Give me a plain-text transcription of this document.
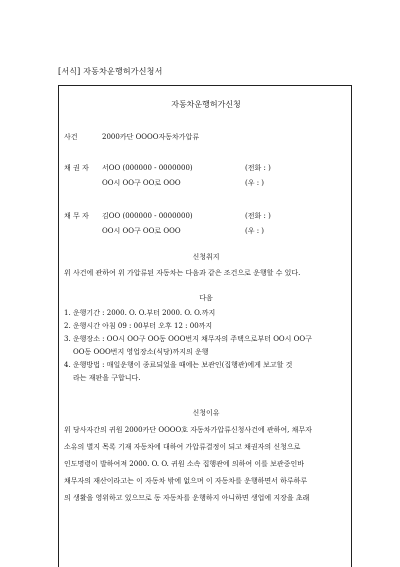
[서식] 자동차운행허가신청서
자동차운행허가신청
사건	2000카단 OOOO자동차가압류
채 권 자 서OO (000000 - 0000000)	(전화 : )
OO시 OO구 OO로 OOO	(우 : )
채 무 자 김OO (000000 - 0000000)	(전화 : )
OO시 OO구 OO로 OOO	(우 : )
신청취지
위 사건에 관하여 위 가압류된 자동차는 다음과 같은 조건으로 운행할 수 있다.
다음
1. 운행기간 : 2000. O. O.부터 2000. O. O.까지
2. 운행시간 아침 09 : 00부터 오후 12 : 00까지
3. 운행장소 : OO시 OO구 OO동 OOO번지 채무자의 주택으로부터 OO시 OO구
OO동 OOO번지 영업장소(식당)까지의 운행
4. 운행방법 : 매일운행이 종료되었을 때에는 보관인(집행관)에게 보고할 것
라는 재판을 구합니다.
신청이유
위 당사자간의 귀원 2000카단 OOOO호 자동차가압류신청사건에 관하여, 채무자
소유의 별지 목록 기재 자동차에 대하여 가압류결정이 되고 채권자의 신청으로
인도명령이 발하여져 2000. O. O. 귀원 소속 집행관에 의하여 이를 보관중인바
채무자의 재산이라고는 이 자동차 밖에 없으며 이 자동차를 운행하면서 하루하루
의 생활을 영위하고 있으므로 동 자동차를 운행하지 아니하면 생업에 지장을 초래
